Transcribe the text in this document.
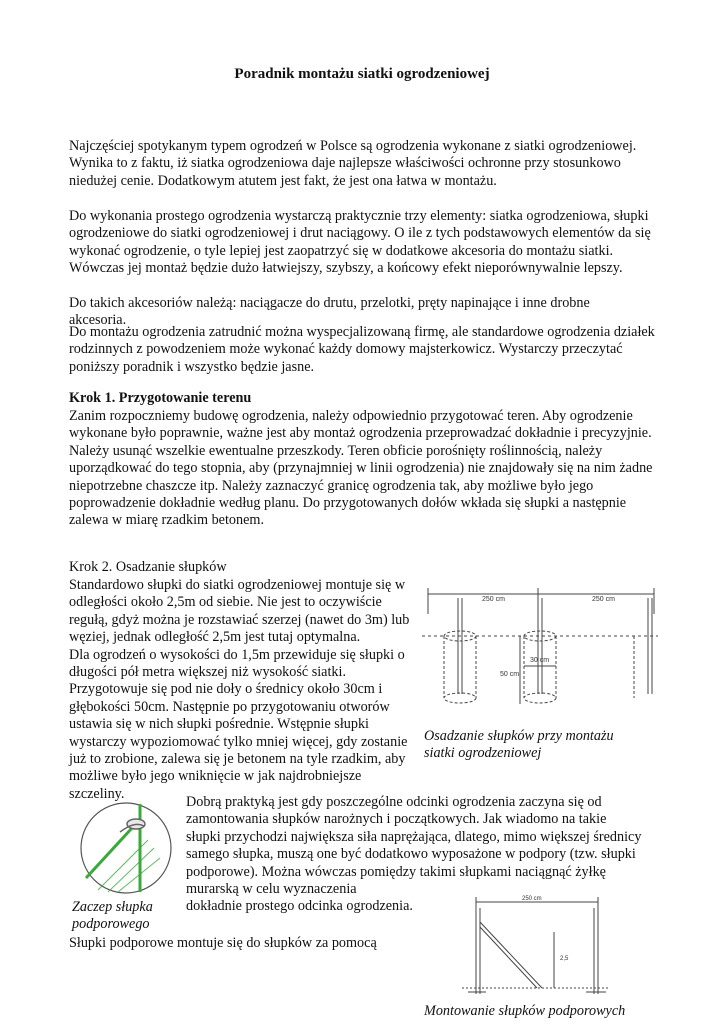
Poradnik montażu siatki ogrodzeniowej
Najczęściej spotykanym typem ogrodzeń w Polsce są ogrodzenia wykonane z siatki ogrodzeniowej. Wynika to z faktu, iż siatka ogrodzeniowa daje najlepsze właściwości ochronne przy stosunkowo niedużej cenie. Dodatkowym atutem jest fakt, że jest ona łatwa w montażu.
Do wykonania prostego ogrodzenia wystarczą praktycznie trzy elementy: siatka ogrodzeniowa, słupki ogrodzeniowe do siatki ogrodzeniowej i drut naciągowy. O ile z tych podstawowych elementów da się wykonać ogrodzenie, o tyle lepiej jest zaopatrzyć się w dodatkowe akcesoria do montażu siatki. Wówczas jej montaż będzie dużo łatwiejszy, szybszy, a końcowy efekt nieporównywalnie lepszy.
Do takich akcesoriów należą: naciągacze do drutu, przelotki, pręty napinające i inne drobne akcesoria.
Do montażu ogrodzenia zatrudnić można wyspecjalizowaną firmę, ale standardowe ogrodzenia działek rodzinnych z powodzeniem może wykonać każdy domowy majsterkowicz. Wystarczy przeczytać poniższy poradnik i wszystko będzie jasne.
Krok 1. Przygotowanie terenu
Zanim rozpoczniemy budowę ogrodzenia, należy odpowiednio przygotować teren. Aby ogrodzenie wykonane było poprawnie, ważne jest aby montaż ogrodzenia przeprowadzać dokładnie i precyzyjnie. Należy usunąć wszelkie ewentualne przeszkody. Teren obficie porośnięty roślinnością, należy uporządkować do tego stopnia, aby (przynajmniej w linii ogrodzenia) nie znajdowały się na nim żadne niepotrzebne chaszcze itp. Należy zaznaczyć granicę ogrodzenia tak, aby możliwe było jego poprowadzenie dokładnie według planu. Do przygotowanych dołów wkłada się słupki a następnie zalewa w miarę rzadkim betonem.
Krok 2. Osadzanie słupków
Standardowo słupki do siatki ogrodzeniowej montuje się w
odległości około 2,5m od siebie. Nie jest to oczywiście
regułą, gdyż można je rozstawiać szerzej (nawet do 3m) lub
węziej, jednak odległość 2,5m jest tutaj optymalna.
Dla ogrodzeń o wysokości do 1,5m przewiduje się słupki o
długości pół metra większej niż wysokość siatki.
Przygotowuje się pod nie doły o średnicy około 30cm i
głębokości 50cm. Następnie po przygotowaniu otworów
ustawia się w nich słupki pośrednie. Wstępnie słupki
wystarczy wypoziomować tylko mniej więcej, gdy zostanie
już to zrobione, zalewa się je betonem na tyle rzadkim, aby
możliwe było jego wniknięcie w jak najdrobniejsze
szczeliny.
250 cm	250 cm
30 cm
50 cm
Osadzanie słupków przy montażu
siatki ogrodzeniowej
Zaczep słupka
podporowego
Dobrą praktyką jest gdy poszczególne odcinki ogrodzenia zaczyna się od
zamontowania słupków narożnych i początkowych. Jak wiadomo na takie
słupki przychodzi największa siła naprężająca, dlatego, mimo większej średnicy
samego słupka, muszą one być dodatkowo wyposażone w podpory (tzw. słupki
podporowe). Można wówczas pomiędzy takimi słupkami naciągnąć żyłkę
murarską w celu wyznaczenia
dokładnie prostego odcinka ogrodzenia.
Słupki podporowe montuje się do słupków za pomocą
250 cm
2,5
Montowanie słupków podporowych
